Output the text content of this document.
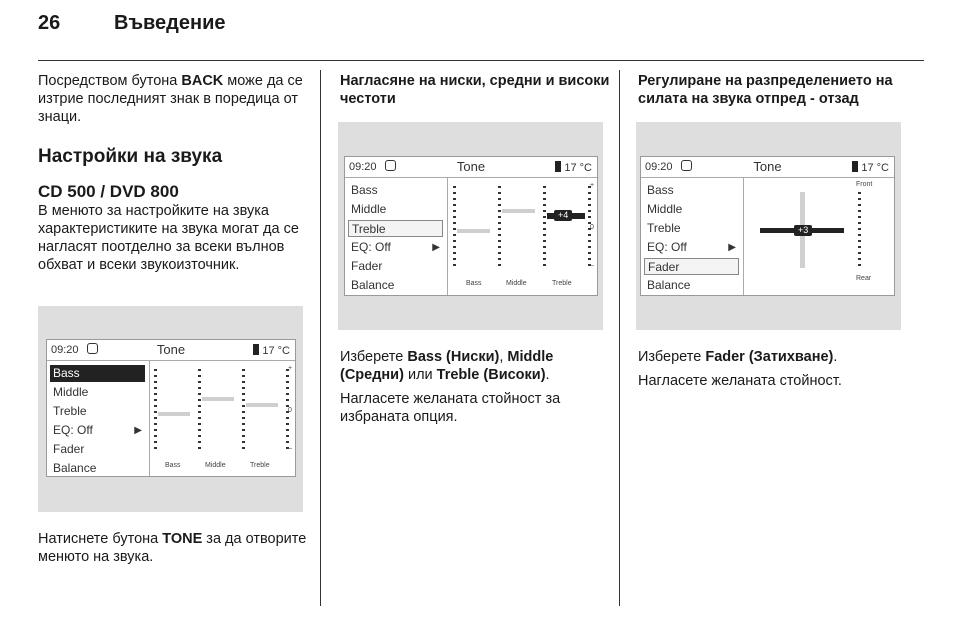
26	Въведение

Посредством бутона BACK може да се изтрие последният знак в поредица от знаци.

Настройки на звука
CD 500 / DVD 800

В менюто за настройките на звука характеристиките на звука могат да се нагласят поотделно за всеки вълнов обхват и всеки звукоизточник.

Натиснете бутона TONE за да отворите менюто на звука.

Нагласяне на ниски, средни и високи честоти

Изберете Bass (Ниски), Middle (Средни) или Treble (Високи).

Нагласете желаната стойност за избраната опция.

Регулиране на разпределението на силата на звука отпред - отзад

Изберете Fader (Затихване).

Нагласете желаната стойност.

09:20	Tone	17 °C
Bass
Middle
Treble
EQ: Off	▶
Fader
Balance
+
0
–
Bass	Middle	Treble
09:20	Tone	17 °C
Bass
Middle
Treble
EQ: Off	▶
Fader
Balance
+4
+
0
–
Bass	Middle	Treble
09:20	Tone	17 °C
Bass
Middle
Treble
EQ: Off	▶
Fader
Balance
+3
Front
Rear
